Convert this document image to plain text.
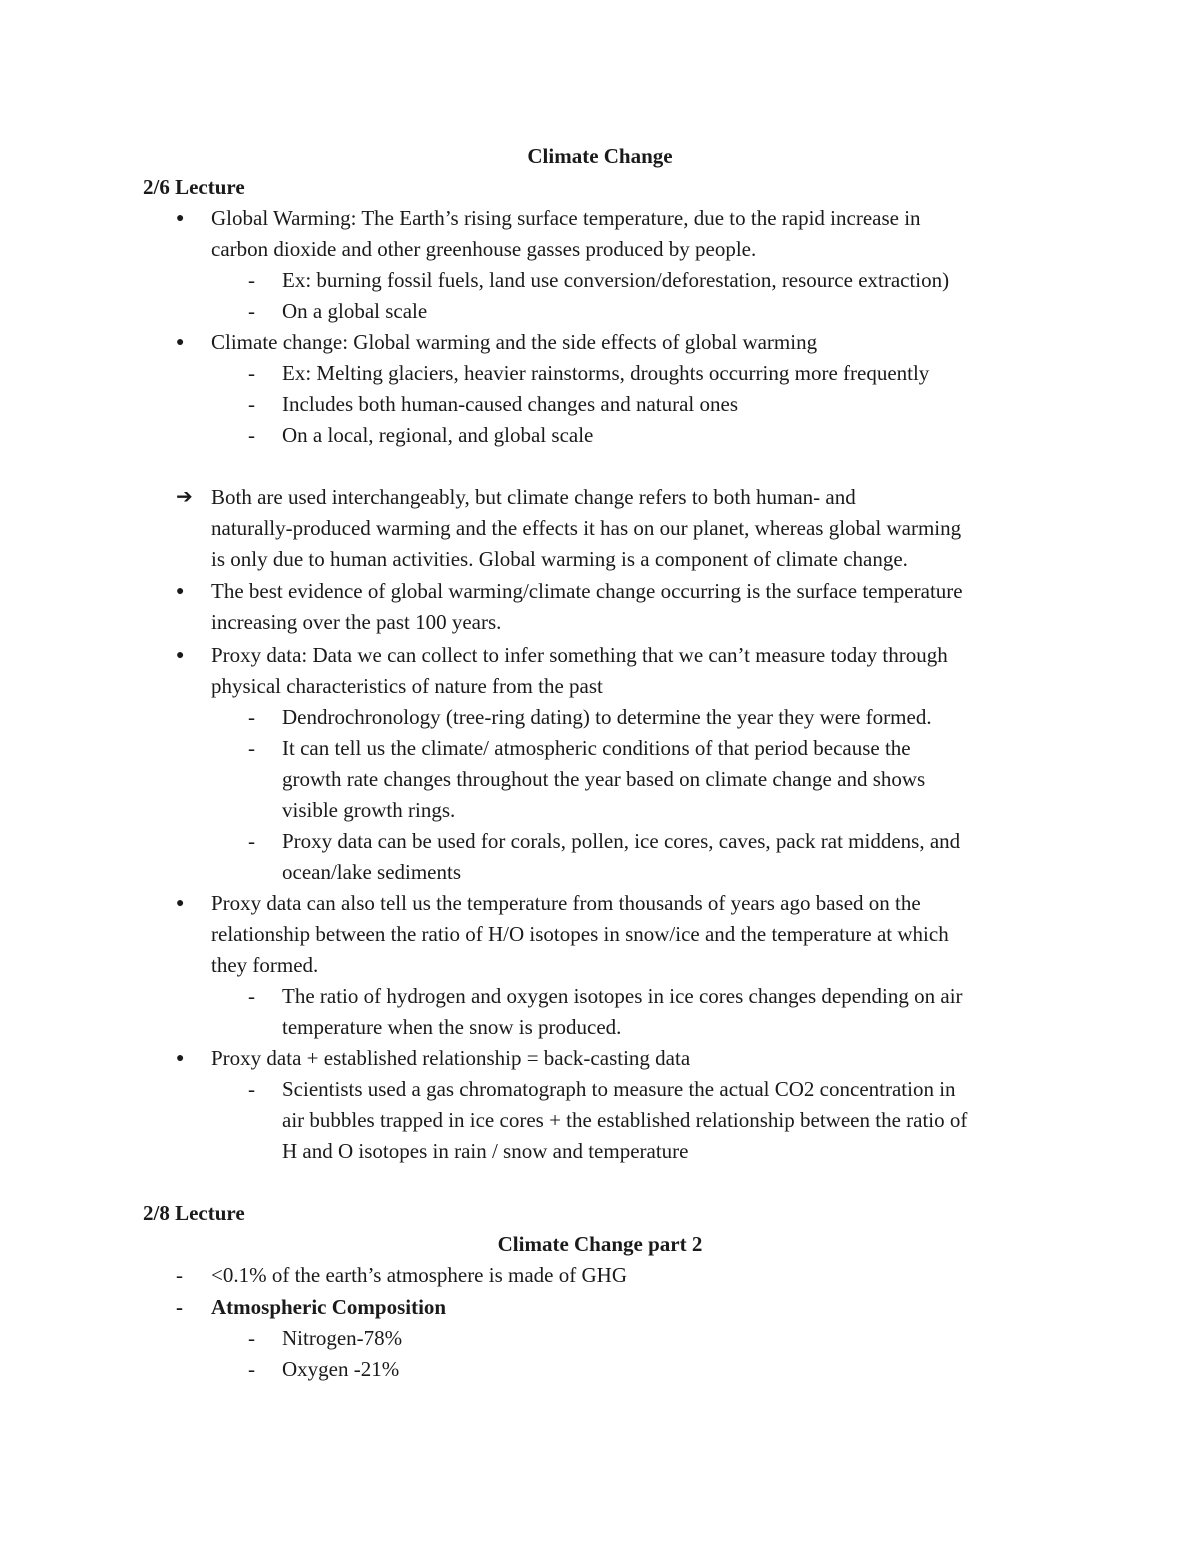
Climate Change
2/6 Lecture
● Global Warming: The Earth’s rising surface temperature, due to the rapid increase in
carbon dioxide and other greenhouse gasses produced by people.
- Ex: burning fossil fuels, land use conversion/deforestation, resource extraction)
- On a global scale
● Climate change: Global warming and the side effects of global warming
- Ex: Melting glaciers, heavier rainstorms, droughts occurring more frequently
- Includes both human-caused changes and natural ones
- On a local, regional, and global scale
➔ Both are used interchangeably, but climate change refers to both human- and
naturally-produced warming and the effects it has on our planet, whereas global warming
is only due to human activities. Global warming is a component of climate change.
● The best evidence of global warming/climate change occurring is the surface temperature
increasing over the past 100 years.
● Proxy data: Data we can collect to infer something that we can’t measure today through
physical characteristics of nature from the past
- Dendrochronology (tree-ring dating) to determine the year they were formed.
- It can tell us the climate/ atmospheric conditions of that period because the
growth rate changes throughout the year based on climate change and shows
visible growth rings.
- Proxy data can be used for corals, pollen, ice cores, caves, pack rat middens, and
ocean/lake sediments
● Proxy data can also tell us the temperature from thousands of years ago based on the
relationship between the ratio of H/O isotopes in snow/ice and the temperature at which
they formed.
- The ratio of hydrogen and oxygen isotopes in ice cores changes depending on air
temperature when the snow is produced.
● Proxy data + established relationship = back-casting data
- Scientists used a gas chromatograph to measure the actual CO2 concentration in
air bubbles trapped in ice cores + the established relationship between the ratio of
H and O isotopes in rain / snow and temperature
2/8 Lecture
Climate Change part 2
- <0.1% of the earth’s atmosphere is made of GHG
- Atmospheric Composition
- Nitrogen-78%
- Oxygen -21%
